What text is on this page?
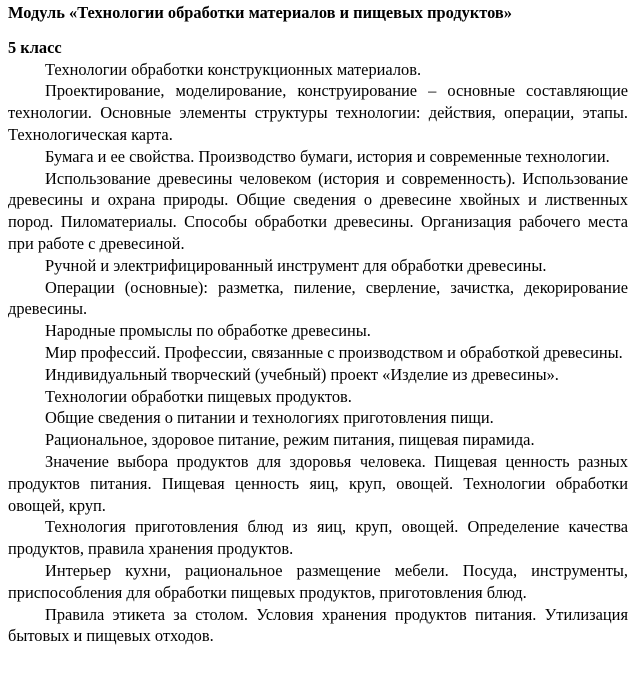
Модуль «Технологии обработки материалов и пищевых продуктов»

5 класс

Технологии обработки конструкционных материалов.

Проектирование, моделирование, конструирование – основные составляющие технологии. Основные элементы структуры технологии: действия, операции, этапы. Технологическая карта.

Бумага и ее свойства. Производство бумаги, история и современные технологии.

Использование древесины человеком (история и современность). Использование древесины и охрана природы. Общие сведения о древесине хвойных и лиственных пород. Пиломатериалы. Способы обработки древесины. Организация рабочего места при работе с древесиной.

Ручной и электрифицированный инструмент для обработки древесины.

Операции (основные): разметка, пиление, сверление, зачистка, декорирование древесины.

Народные промыслы по обработке древесины.

Мир профессий. Профессии, связанные с производством и обработкой древесины.

Индивидуальный творческий (учебный) проект «Изделие из древесины».

Технологии обработки пищевых продуктов.

Общие сведения о питании и технологиях приготовления пищи.

Рациональное, здоровое питание, режим питания, пищевая пирамида.

Значение выбора продуктов для здоровья человека. Пищевая ценность разных продуктов питания. Пищевая ценность яиц, круп, овощей. Технологии обработки овощей, круп.

Технология приготовления блюд из яиц, круп, овощей. Определение качества продуктов, правила хранения продуктов.

Интерьер кухни, рациональное размещение мебели. Посуда, инструменты, приспособления для обработки пищевых продуктов, приготовления блюд.

Правила этикета за столом. Условия хранения продуктов питания. Утилизация бытовых и пищевых отходов.
